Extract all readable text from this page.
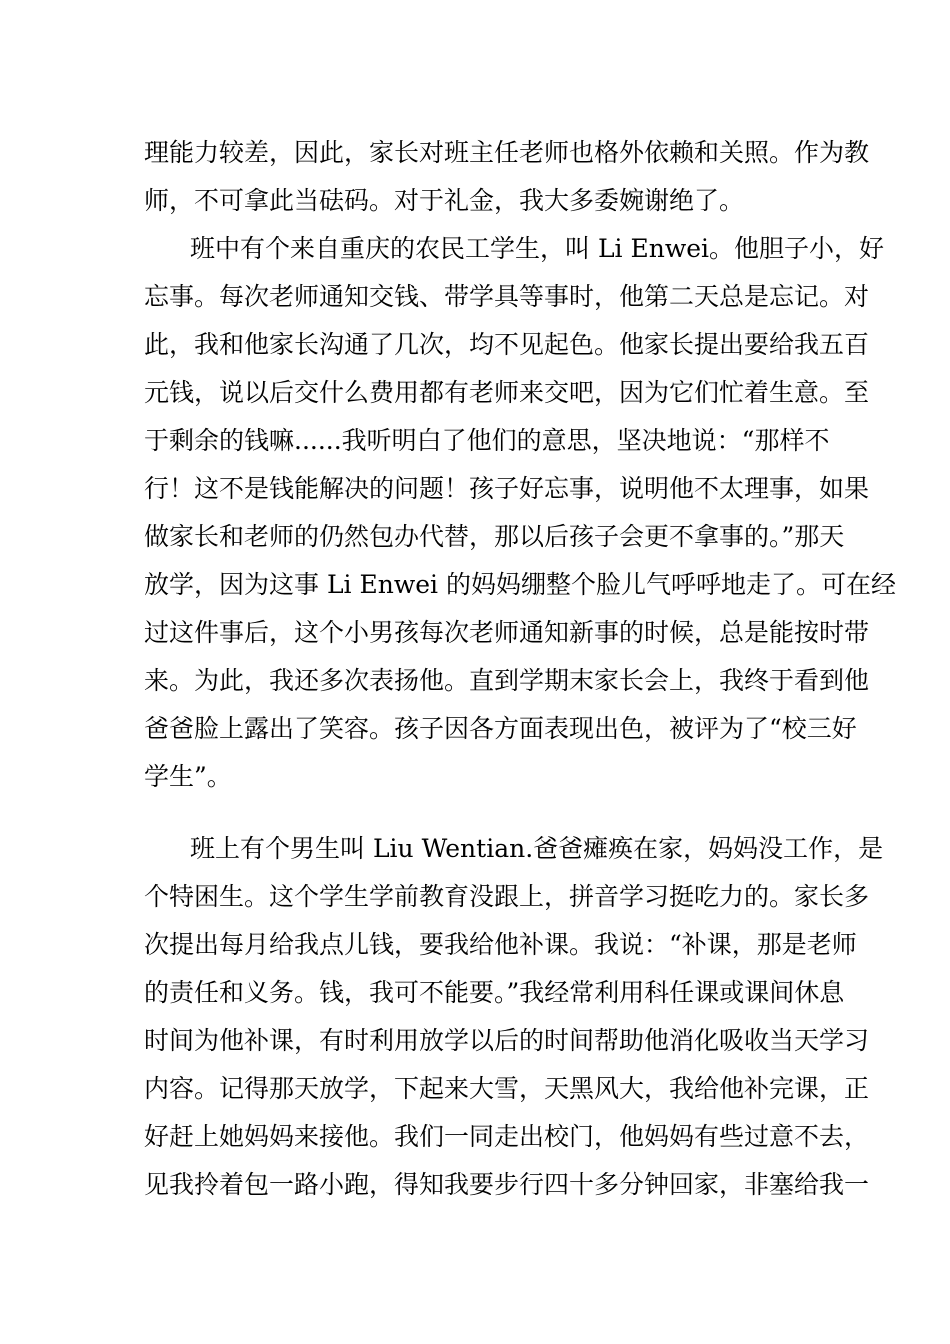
理能力较差，因此，家长对班主任老师也格外依赖和关照。作为教
师，不可拿此当砝码。对于礼金，我大多委婉谢绝了。
班中有个来自重庆的农民工学生，叫 Li Enwei。他胆子小，好
忘事。每次老师通知交钱、带学具等事时，他第二天总是忘记。对
此，我和他家长沟通了几次，均不见起色。他家长提出要给我五百
元钱，说以后交什么费用都有老师来交吧，因为它们忙着生意。至
于剩余的钱嘛......我听明白了他们的意思，坚决地说：“那样不
行！这不是钱能解决的问题！孩子好忘事，说明他不太理事，如果
做家长和老师的仍然包办代替，那以后孩子会更不拿事的。”那天
放学，因为这事 Li Enwei 的妈妈绷整个脸儿气呼呼地走了。可在经
过这件事后，这个小男孩每次老师通知新事的时候，总是能按时带
来。为此，我还多次表扬他。直到学期末家长会上，我终于看到他
爸爸脸上露出了笑容。孩子因各方面表现出色，被评为了“校三好
学生”。
班上有个男生叫 Liu Wentian.爸爸瘫痪在家，妈妈没工作，是
个特困生。这个学生学前教育没跟上，拼音学习挺吃力的。家长多
次提出每月给我点儿钱，要我给他补课。我说：“补课，那是老师
的责任和义务。钱，我可不能要。”我经常利用科任课或课间休息
时间为他补课，有时利用放学以后的时间帮助他消化吸收当天学习
内容。记得那天放学，下起来大雪，天黑风大，我给他补完课，正
好赶上她妈妈来接他。我们一同走出校门，他妈妈有些过意不去，
见我拎着包一路小跑，得知我要步行四十多分钟回家，非塞给我一
